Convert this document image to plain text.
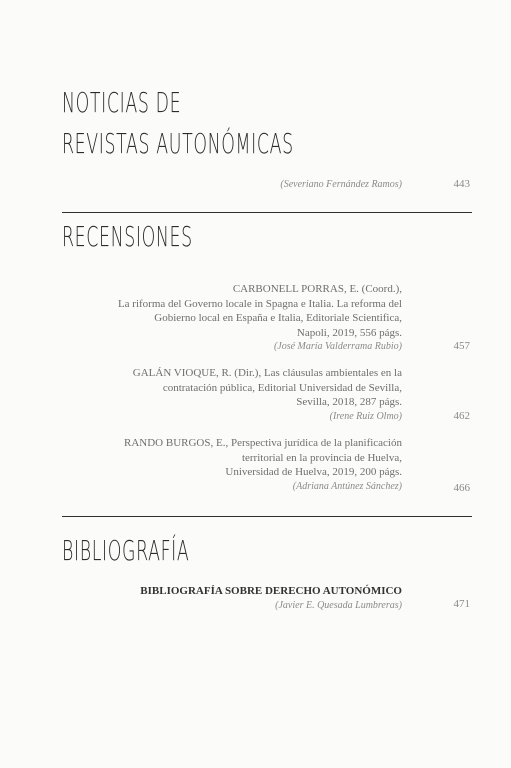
NOTICIAS DE
REVISTAS AUTONÓMICAS
(Severiano Fernández Ramos)	443
RECENSIONES
CARBONELL PORRAS, E. (Coord.),
La riforma del Governo locale in Spagna e Italia. La reforma del
Gobierno local en España e Italia, Editoriale Scientifica,
Napoli, 2019, 556 págs.
(José María Valderrama Rubio)	457
GALÁN VIOQUE, R. (Dir.), Las cláusulas ambientales en la
contratación pública, Editorial Universidad de Sevilla,
Sevilla, 2018, 287 págs.
(Irene Ruiz Olmo)	462
RANDO BURGOS, E., Perspectiva jurídica de la planificación
territorial en la provincia de Huelva,
Universidad de Huelva, 2019, 200 págs.
(Adriana Antúnez Sánchez)	466
BIBLIOGRAFÍA
BIBLIOGRAFÍA SOBRE DERECHO AUTONÓMICO
(Javier E. Quesada Lumbreras)	471
